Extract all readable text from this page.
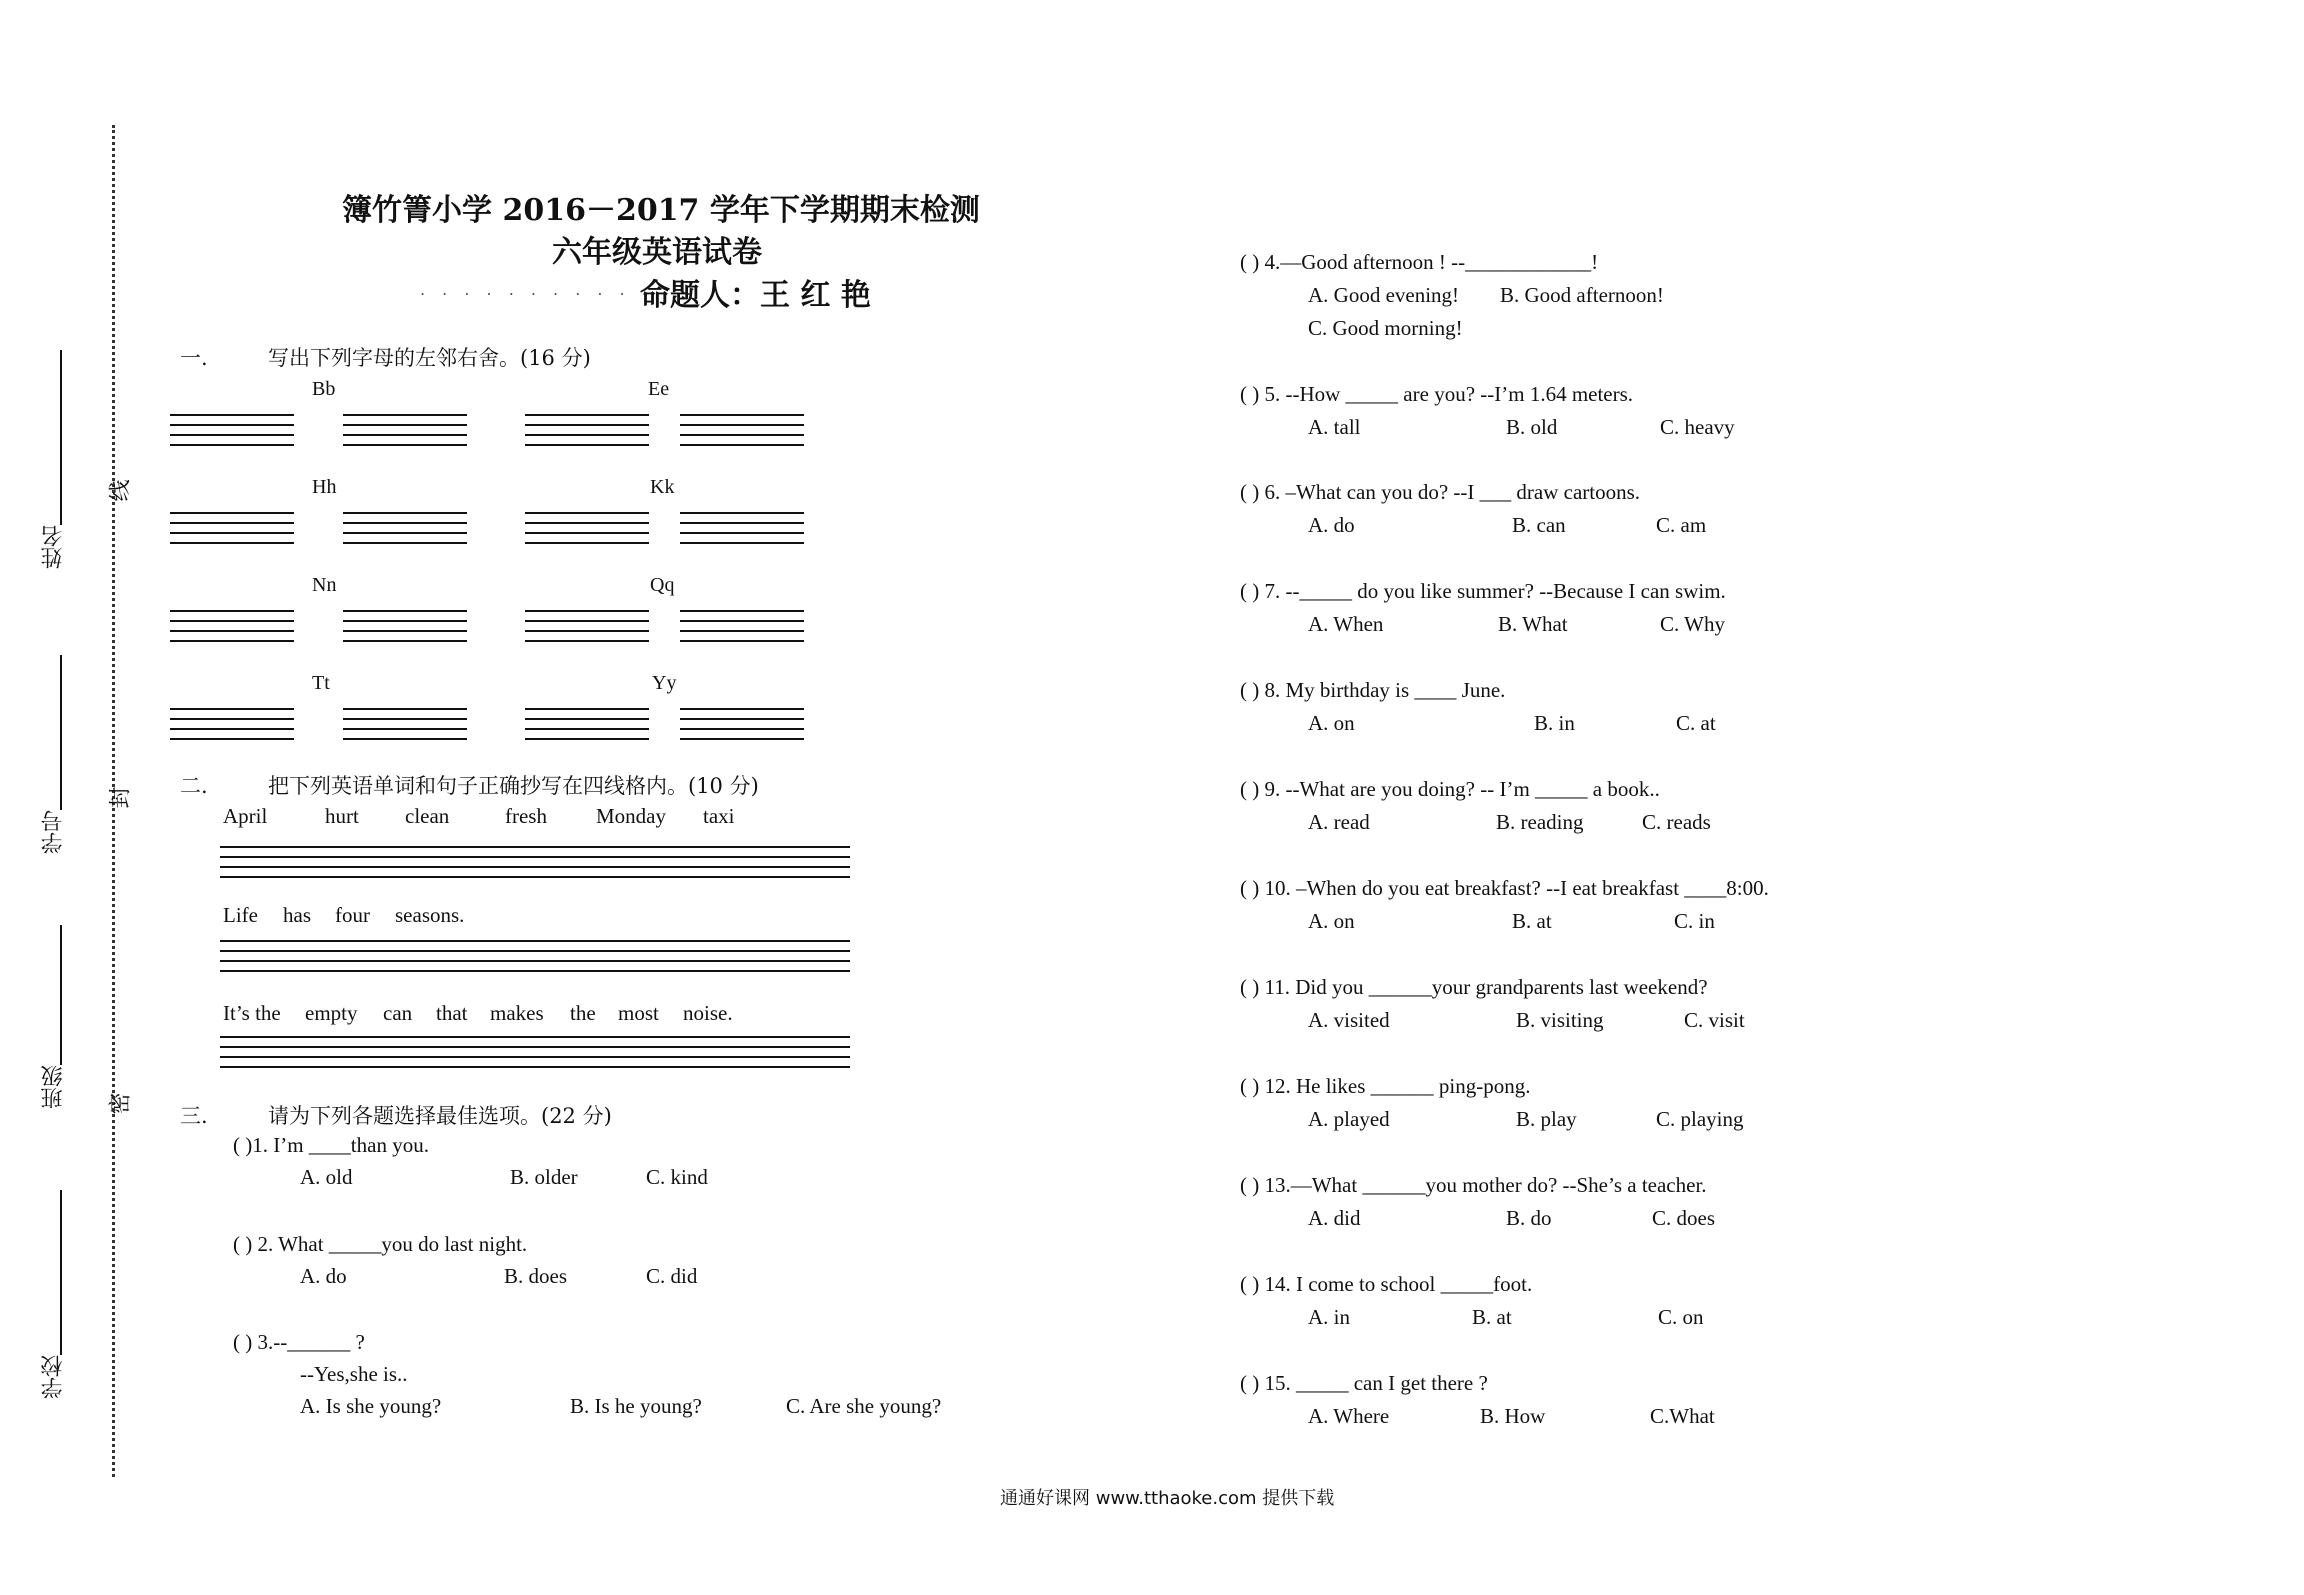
姓名
学号
班级
学校
线
封
密
簿竹箐小学 2016－2017 学年下学期期末检测
六年级英语试卷
. . . . . . . . . . . . .
命题人：王 红 艳
一.	写出下列字母的左邻右舍。(16 分)
Bb	Ee
Hh	Kk
Nn	Qq
Tt	Yy
二.	把下列英语单词和句子正确抄写在四线格内。(10 分)
April	hurt clean	fresh Monday taxi
Life has four seasons.
It’s the empty can that makes the most noise.
三.	请为下列各题选择最佳选项。(22 分)
( )1. I’m ____than you.
A. old	B. older	C. kind
( ) 2. What _____you do last night.
A. do	B. does	C. did
( ) 3.--______ ?
--Yes,she is..
A. Is she young?	B. Is he young?	C. Are she young?
( ) 4.—Good afternoon ! --____________!
A. Good evening! B. Good afternoon!
C. Good morning!
( ) 5. --How _____ are you? --I’m 1.64 meters.
A. tall	B. old	C. heavy
( ) 6. –What can you do? --I ___ draw cartoons.
A. do	B. can	C. am
( ) 7. --_____ do you like summer? --Because I can swim.
A. When	B. What	C. Why
( ) 8. My birthday is ____ June.
A. on	B. in	C. at
( ) 9. --What are you doing? -- I’m _____ a book..
A. read	B. reading	C. reads
( ) 10. –When do you eat breakfast? --I eat breakfast ____8:00.
A. on	B. at	C. in
( ) 11. Did you ______your grandparents last weekend?
A. visited	B. visiting	C. visit
( ) 12. He likes ______ ping-pong.
A. played	B. play	C. playing
( ) 13.—What ______you mother do? --She’s a teacher.
A. did	B. do	C. does
( ) 14. I come to school _____foot.
A. in	B. at	C. on
( ) 15. _____ can I get there ?
A. Where	B. How	C.What
通通好课网 www.tthaoke.com 提供下载
